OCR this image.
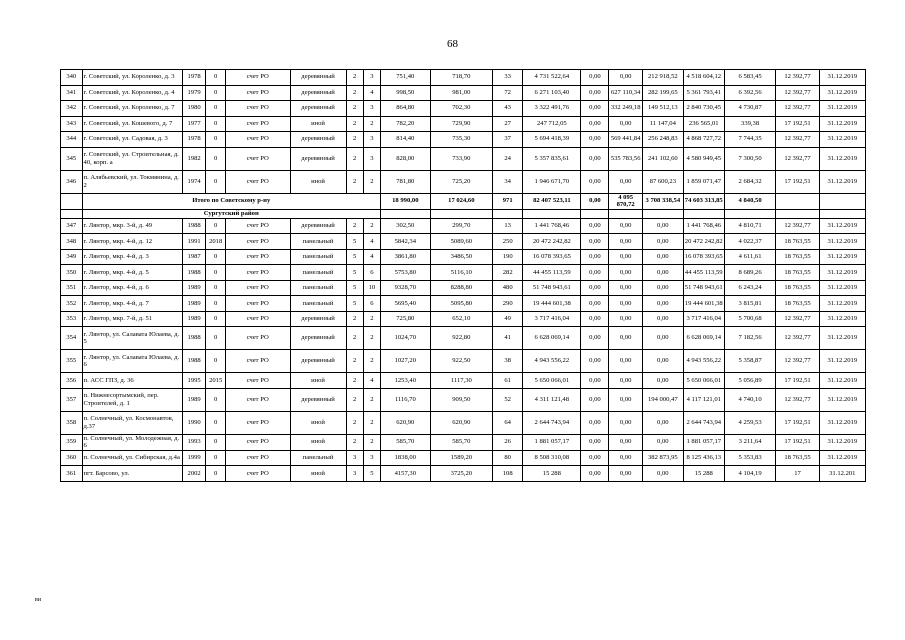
68
340	г. Советский, ул. Короленко, д. 3	1978	0	счет РО	деревянный	2	3	751,40	718,70	33	4 731 522,64	0,00	0,00	212 918,52	4 518 604,12	6 583,45	12 392,77	31.12.2019
341	г. Советский, ул. Короленко, д. 4	1979	0	счет РО	деревянный	2	4	998,50	981,00	72	6 271 103,40	0,00	627 110,34	282 199,65	5 361 793,41	6 392,56	12 392,77	31.12.2019
342	г. Советский, ул. Короленко, д. 7	1980	0	счет РО	деревянный	2	3	864,80	702,30	43	3 322 491,76	0,00	332 249,18	149 512,13	2 840 730,45	4 730,87	12 392,77	31.12.2019
343	г. Советский, ул. Кошевого, д. 7	1977	0	счет РО	иной	2	2	782,20	729,90	27	247 712,05	0,00	0,00	11 147,04	236 565,01	339,38	17 192,51	31.12.2019
344	г. Советский, ул. Садовая, д. 3	1978	0	счет РО	деревянный	2	3	814,40	735,30	37	5 694 418,39	0,00	569 441,84	256 248,83	4 868 727,72	7 744,35	12 392,77	31.12.2019
345	г. Советский, ул. Строительная, д. 40, корп. а	1982	0	счет РО	деревянный	2	3	828,00	733,90	24	5 357 835,61	0,00	535 783,56	241 102,60	4 580 949,45	7 300,50	12 392,77	31.12.2019
346	п. Алябьевский, ул. Токмянина, д. 2	1974	0	счет РО	иной	2	2	781,80	725,20	34	1 946 671,70	0,00	0,00	87 600,23	1 859 071,47	2 684,32	17 192,51	31.12.2019
	Итого по Советскому р-ну							18 990,00	17 024,60	971	82 407 523,11	0,00	4 095 870,72	3 708 338,54	74 603 313,85	4 840,50		
	Сургутский район																	
347	г. Лянтор, мкр. 3-й, д. 49	1988	0	счет РО	деревянный	2	2	302,50	299,70	13	1 441 768,46	0,00	0,00	0,00	1 441 768,46	4 810,71	12 392,77	31.12.2019
348	г. Лянтор, мкр. 4-й, д. 12	1991	2018	счет РО	панельный	5	4	5842,34	5089,60	250	20 472 242,82	0,00	0,00	0,00	20 472 242,82	4 022,37	18 763,55	31.12.2019
349	г. Лянтор, мкр. 4-й, д. 3	1987	0	счет РО	панельный	5	4	3861,80	3486,50	190	16 078 393,65	0,00	0,00	0,00	16 078 393,65	4 611,61	18 763,55	31.12.2019
350	г. Лянтор, мкр. 4-й, д. 5	1988	0	счет РО	панельный	5	6	5753,80	5116,10	282	44 455 113,59	0,00	0,00	0,00	44 455 113,59	8 689,26	18 763,55	31.12.2019
351	г. Лянтор, мкр. 4-й, д. 6	1989	0	счет РО	панельный	5	10	9328,70	8288,80	480	51 748 943,61	0,00	0,00	0,00	51 748 943,61	6 243,24	18 763,55	31.12.2019
352	г. Лянтор, мкр. 4-й, д. 7	1989	0	счет РО	панельный	5	6	5695,40	5095,80	290	19 444 601,38	0,00	0,00	0,00	19 444 601,38	3 815,81	18 763,55	31.12.2019
353	г. Лянтор, мкр. 7-й, д. 51	1989	0	счет РО	деревянный	2	2	725,80	652,10	49	3 717 416,04	0,00	0,00	0,00	3 717 416,04	5 700,68	12 392,77	31.12.2019
354	г. Лянтор, ул. Салавата Юлаева, д. 5	1988	0	счет РО	деревянный	2	2	1024,70	922,80	41	6 628 069,14	0,00	0,00	0,00	6 628 069,14	7 182,56	12 392,77	31.12.2019
355	г. Лянтор, ул. Салавата Юлаева, д. 6	1988	0	счет РО	деревянный	2	2	1027,20	922,50	38	4 943 556,22	0,00	0,00	0,00	4 943 556,22	5 358,87	12 392,77	31.12.2019
356	п. АСС ГПЗ, д. 36	1995	2015	счет РО	иной	2	4	1253,40	1117,30	61	5 650 066,01	0,00	0,00	0,00	5 650 066,01	5 056,89	17 192,51	31.12.2019
357	п. Нижнесортымский, пер. Строителей, д. 1	1989	0	счет РО	деревянный	2	2	1116,70	909,50	52	4 311 121,48	0,00	0,00	194 000,47	4 117 121,01	4 740,10	12 392,77	31.12.2019
358	п. Солнечный, ул. Космонавтов, д.37	1990	0	счет РО	иной	2	2	620,90	620,90	64	2 644 743,94	0,00	0,00	0,00	2 644 743,94	4 259,53	17 192,51	31.12.2019
359	п. Солнечный, ул. Молодежная, д. 6	1993	0	счет РО	иной	2	2	585,70	585,70	26	1 881 057,17	0,00	0,00	0,00	1 881 057,17	3 211,64	17 192,51	31.12.2019
360	п. Солнечный, ул. Сибирская, д.4а	1999	0	счет РО	панельный	3	3	1838,00	1589,20	80	8 508 310,08	0,00	0,00	382 873,95	8 125 436,13	5 353,83	18 763,55	31.12.2019
361	пгт. Барсово, ул.	2002	0	счет РО	иной	3	5	4157,30	3725,20	108	15 288	0,00	0,00	0,00	15 288	4 104,19	17	31.12.201
ви
